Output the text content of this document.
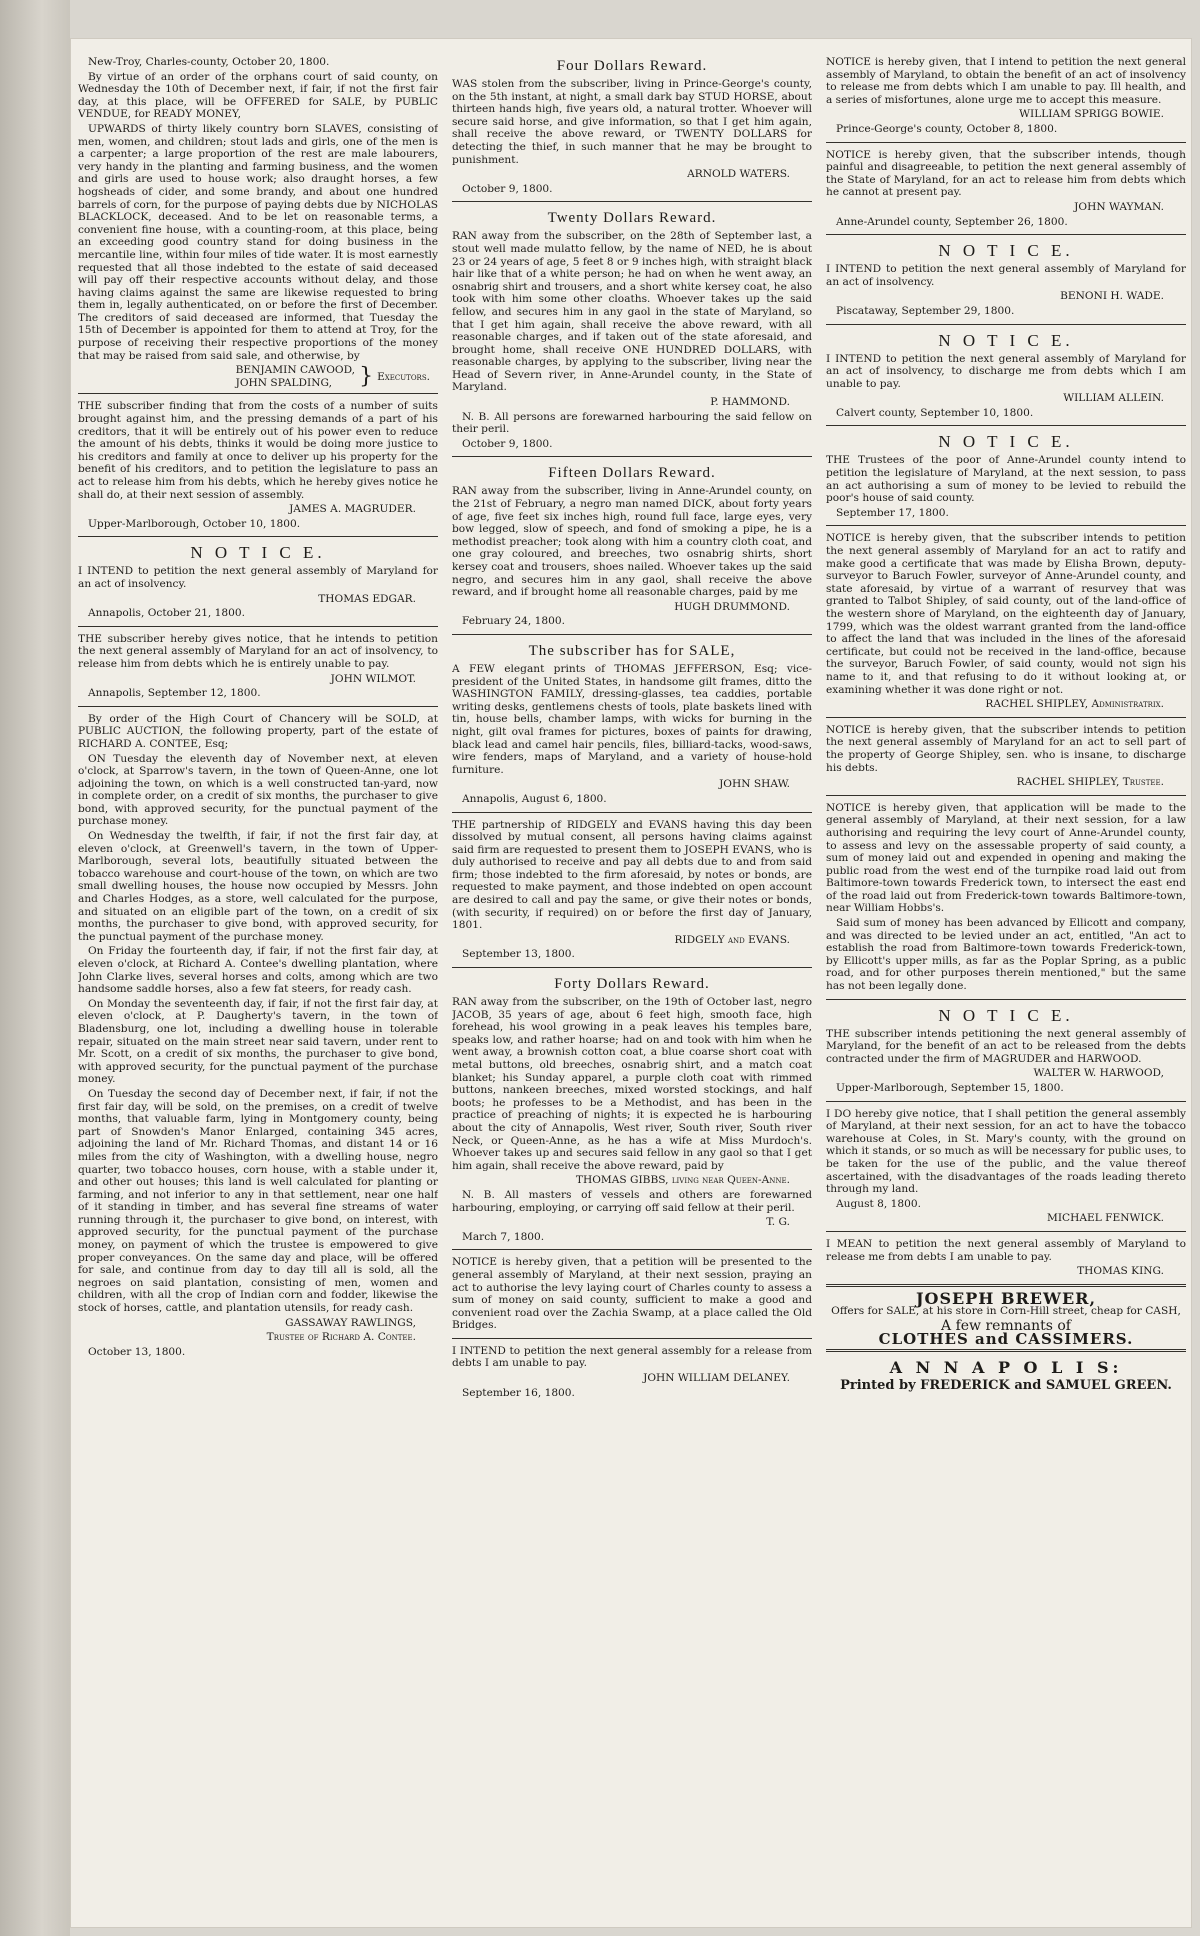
New-Troy, Charles-county, October 20, 1800.

By virtue of an order of the orphans court of said county, on Wednesday the 10th of December next, if fair, if not the first fair day, at this place, will be OFFERED for SALE, by PUBLIC VENDUE, for READY MONEY,

UPWARDS of thirty likely country born SLAVES, consisting of men, women, and children; stout lads and girls, one of the men is a carpenter; a large proportion of the rest are male labourers, very handy in the planting and farming business, and the women and girls are used to house work; also draught horses, a few hogsheads of cider, and some brandy, and about one hundred barrels of corn, for the purpose of paying debts due by NICHOLAS BLACKLOCK, deceased. And to be let on reasonable terms, a convenient fine house, with a counting-room, at this place, being an exceeding good country stand for doing business in the mercantile line, within four miles of tide water. It is most earnestly requested that all those indebted to the estate of said deceased will pay off their respective accounts without delay, and those having claims against the same are likewise requested to bring them in, legally authenticated, on or before the first of December. The creditors of said deceased are informed, that Tuesday the 15th of December is appointed for them to attend at Troy, for the purpose of receiving their respective proportions of the money that may be raised from said sale, and otherwise, by

BENJAMIN CAWOOD,
JOHN SPALDING,	} Executors.

THE subscriber finding that from the costs of a number of suits brought against him, and the pressing demands of a part of his creditors, that it will be entirely out of his power even to reduce the amount of his debts, thinks it would be doing more justice to his creditors and family at once to deliver up his property for the benefit of his creditors, and to petition the legislature to pass an act to release him from his debts, which he hereby gives notice he shall do, at their next session of assembly.

JAMES A. MAGRUDER.

Upper-Marlborough, October 10, 1800.

N O T I C E.

I INTEND to petition the next general assembly of Maryland for an act of insolvency.

THOMAS EDGAR.

Annapolis, October 21, 1800.

THE subscriber hereby gives notice, that he intends to petition the next general assembly of Maryland for an act of insolvency, to release him from debts which he is entirely unable to pay.

JOHN WILMOT.

Annapolis, September 12, 1800.

By order of the High Court of Chancery will be SOLD, at PUBLIC AUCTION, the following property, part of the estate of RICHARD A. CONTEE, Esq;

ON Tuesday the eleventh day of November next, at eleven o'clock, at Sparrow's tavern, in the town of Queen-Anne, one lot adjoining the town, on which is a well constructed tan-yard, now in complete order, on a credit of six months, the purchaser to give bond, with approved security, for the punctual payment of the purchase money.

On Wednesday the twelfth, if fair, if not the first fair day, at eleven o'clock, at Greenwell's tavern, in the town of Upper-Marlborough, several lots, beautifully situated between the tobacco warehouse and court-house of the town, on which are two small dwelling houses, the house now occupied by Messrs. John and Charles Hodges, as a store, well calculated for the purpose, and situated on an eligible part of the town, on a credit of six months, the purchaser to give bond, with approved security, for the punctual payment of the purchase money.

On Friday the fourteenth day, if fair, if not the first fair day, at eleven o'clock, at Richard A. Contee's dwelling plantation, where John Clarke lives, several horses and colts, among which are two handsome saddle horses, also a few fat steers, for ready cash.

On Monday the seventeenth day, if fair, if not the first fair day, at eleven o'clock, at P. Daugherty's tavern, in the town of Bladensburg, one lot, including a dwelling house in tolerable repair, situated on the main street near said tavern, under rent to Mr. Scott, on a credit of six months, the purchaser to give bond, with approved security, for the punctual payment of the purchase money.

On Tuesday the second day of December next, if fair, if not the first fair day, will be sold, on the premises, on a credit of twelve months, that valuable farm, lying in Montgomery county, being part of Snowden's Manor Enlarged, containing 345 acres, adjoining the land of Mr. Richard Thomas, and distant 14 or 16 miles from the city of Washington, with a dwelling house, negro quarter, two tobacco houses, corn house, with a stable under it, and other out houses; this land is well calculated for planting or farming, and not inferior to any in that settlement, near one half of it standing in timber, and has several fine streams of water running through it, the purchaser to give bond, on interest, with approved security, for the punctual payment of the purchase money, on payment of which the trustee is empowered to give proper conveyances. On the same day and place, will be offered for sale, and continue from day to day till all is sold, all the negroes on said plantation, consisting of men, women and children, with all the crop of Indian corn and fodder, likewise the stock of horses, cattle, and plantation utensils, for ready cash.

GASSAWAY RAWLINGS,

Trustee of Richard A. Contee.

October 13, 1800.

Four Dollars Reward.

WAS stolen from the subscriber, living in Prince-George's county, on the 5th instant, at night, a small dark bay STUD HORSE, about thirteen hands high, five years old, a natural trotter. Whoever will secure said horse, and give information, so that I get him again, shall receive the above reward, or TWENTY DOLLARS for detecting the thief, in such manner that he may be brought to punishment.

ARNOLD WATERS.

October 9, 1800.

Twenty Dollars Reward.

RAN away from the subscriber, on the 28th of September last, a stout well made mulatto fellow, by the name of NED, he is about 23 or 24 years of age, 5 feet 8 or 9 inches high, with straight black hair like that of a white person; he had on when he went away, an osnabrig shirt and trousers, and a short white kersey coat, he also took with him some other cloaths. Whoever takes up the said fellow, and secures him in any gaol in the state of Maryland, so that I get him again, shall receive the above reward, with all reasonable charges, and if taken out of the state aforesaid, and brought home, shall receive ONE HUNDRED DOLLARS, with reasonable charges, by applying to the subscriber, living near the Head of Severn river, in Anne-Arundel county, in the State of Maryland.

P. HAMMOND.

N. B. All persons are forewarned harbouring the said fellow on their peril.

October 9, 1800.

Fifteen Dollars Reward.

RAN away from the subscriber, living in Anne-Arundel county, on the 21st of February, a negro man named DICK, about forty years of age, five feet six inches high, round full face, large eyes, very bow legged, slow of speech, and fond of smoking a pipe, he is a methodist preacher; took along with him a country cloth coat, and one gray coloured, and breeches, two osnabrig shirts, short kersey coat and trousers, shoes nailed. Whoever takes up the said negro, and secures him in any gaol, shall receive the above reward, and if brought home all reasonable charges, paid by me

HUGH DRUMMOND.

February 24, 1800.

The subscriber has for SALE,

A FEW elegant prints of THOMAS JEFFERSON, Esq; vice-president of the United States, in handsome gilt frames, ditto the WASHINGTON FAMILY, dressing-glasses, tea caddies, portable writing desks, gentlemens chests of tools, plate baskets lined with tin, house bells, chamber lamps, with wicks for burning in the night, gilt oval frames for pictures, boxes of paints for drawing, black lead and camel hair pencils, files, billiard-tacks, wood-saws, wire fenders, maps of Maryland, and a variety of house-hold furniture.

JOHN SHAW.

Annapolis, August 6, 1800.

THE partnership of RIDGELY and EVANS having this day been dissolved by mutual consent, all persons having claims against said firm are requested to present them to JOSEPH EVANS, who is duly authorised to receive and pay all debts due to and from said firm; those indebted to the firm aforesaid, by notes or bonds, are requested to make payment, and those indebted on open account are desired to call and pay the same, or give their notes or bonds, (with security, if required) on or before the first day of January, 1801.

RIDGELY and EVANS.

September 13, 1800.

Forty Dollars Reward.

RAN away from the subscriber, on the 19th of October last, negro JACOB, 35 years of age, about 6 feet high, smooth face, high forehead, his wool growing in a peak leaves his temples bare, speaks low, and rather hoarse; had on and took with him when he went away, a brownish cotton coat, a blue coarse short coat with metal buttons, old breeches, osnabrig shirt, and a match coat blanket; his Sunday apparel, a purple cloth coat with rimmed buttons, nankeen breeches, mixed worsted stockings, and half boots; he professes to be a Methodist, and has been in the practice of preaching of nights; it is expected he is harbouring about the city of Annapolis, West river, South river, South river Neck, or Queen-Anne, as he has a wife at Miss Murdoch's. Whoever takes up and secures said fellow in any gaol so that I get him again, shall receive the above reward, paid by

THOMAS GIBBS, living near Queen-Anne.

N. B. All masters of vessels and others are forewarned harbouring, employing, or carrying off said fellow at their peril.

T. G.

March 7, 1800.

NOTICE is hereby given, that a petition will be presented to the general assembly of Maryland, at their next session, praying an act to authorise the levy laying court of Charles county to assess a sum of money on said county, sufficient to make a good and convenient road over the Zachia Swamp, at a place called the Old Bridges.

I INTEND to petition the next general assembly for a release from debts I am unable to pay.

JOHN WILLIAM DELANEY.

September 16, 1800.

NOTICE is hereby given, that I intend to petition the next general assembly of Maryland, to obtain the benefit of an act of insolvency to release me from debts which I am unable to pay. Ill health, and a series of misfortunes, alone urge me to accept this measure.

WILLIAM SPRIGG BOWIE.

Prince-George's county, October 8, 1800.

NOTICE is hereby given, that the subscriber intends, though painful and disagreeable, to petition the next general assembly of the State of Maryland, for an act to release him from debts which he cannot at present pay.

JOHN WAYMAN.

Anne-Arundel county, September 26, 1800.

N O T I C E.

I INTEND to petition the next general assembly of Maryland for an act of insolvency.

BENONI H. WADE.

Piscataway, September 29, 1800.

N O T I C E.

I INTEND to petition the next general assembly of Maryland for an act of insolvency, to discharge me from debts which I am unable to pay.

WILLIAM ALLEIN.

Calvert county, September 10, 1800.

N O T I C E.

THE Trustees of the poor of Anne-Arundel county intend to petition the legislature of Maryland, at the next session, to pass an act authorising a sum of money to be levied to rebuild the poor's house of said county.

September 17, 1800.

NOTICE is hereby given, that the subscriber intends to petition the next general assembly of Maryland for an act to ratify and make good a certificate that was made by Elisha Brown, deputy-surveyor to Baruch Fowler, surveyor of Anne-Arundel county, and state aforesaid, by virtue of a warrant of resurvey that was granted to Talbot Shipley, of said county, out of the land-office of the western shore of Maryland, on the eighteenth day of January, 1799, which was the oldest warrant granted from the land-office to affect the land that was included in the lines of the aforesaid certificate, but could not be received in the land-office, because the surveyor, Baruch Fowler, of said county, would not sign his name to it, and that refusing to do it without looking at, or examining whether it was done right or not.

RACHEL SHIPLEY, Administratrix.

NOTICE is hereby given, that the subscriber intends to petition the next general assembly of Maryland for an act to sell part of the property of George Shipley, sen. who is insane, to discharge his debts.

RACHEL SHIPLEY, Trustee.

NOTICE is hereby given, that application will be made to the general assembly of Maryland, at their next session, for a law authorising and requiring the levy court of Anne-Arundel county, to assess and levy on the assessable property of said county, a sum of money laid out and expended in opening and making the public road from the west end of the turnpike road laid out from Baltimore-town towards Frederick town, to intersect the east end of the road laid out from Frederick-town towards Baltimore-town, near William Hobbs's.

Said sum of money has been advanced by Ellicott and company, and was directed to be levied under an act, entitled, "An act to establish the road from Baltimore-town towards Frederick-town, by Ellicott's upper mills, as far as the Poplar Spring, as a public road, and for other purposes therein mentioned," but the same has not been legally done.

N O T I C E.

THE subscriber intends petitioning the next general assembly of Maryland, for the benefit of an act to be released from the debts contracted under the firm of MAGRUDER and HARWOOD.

WALTER W. HARWOOD,

Upper-Marlborough, September 15, 1800.

I DO hereby give notice, that I shall petition the general assembly of Maryland, at their next session, for an act to have the tobacco warehouse at Coles, in St. Mary's county, with the ground on which it stands, or so much as will be necessary for public uses, to be taken for the use of the public, and the value thereof ascertained, with the disadvantages of the roads leading thereto through my land.

August 8, 1800.

MICHAEL FENWICK.

I MEAN to petition the next general assembly of Maryland to release me from debts I am unable to pay.

THOMAS KING.

JOSEPH BREWER,

Offers for SALE, at his store in Corn-Hill street, cheap for CASH,

A few remnants of
CLOTHES and CASSIMERS.
A N N A P O L I S:
Printed by FREDERICK and SAMUEL GREEN.
